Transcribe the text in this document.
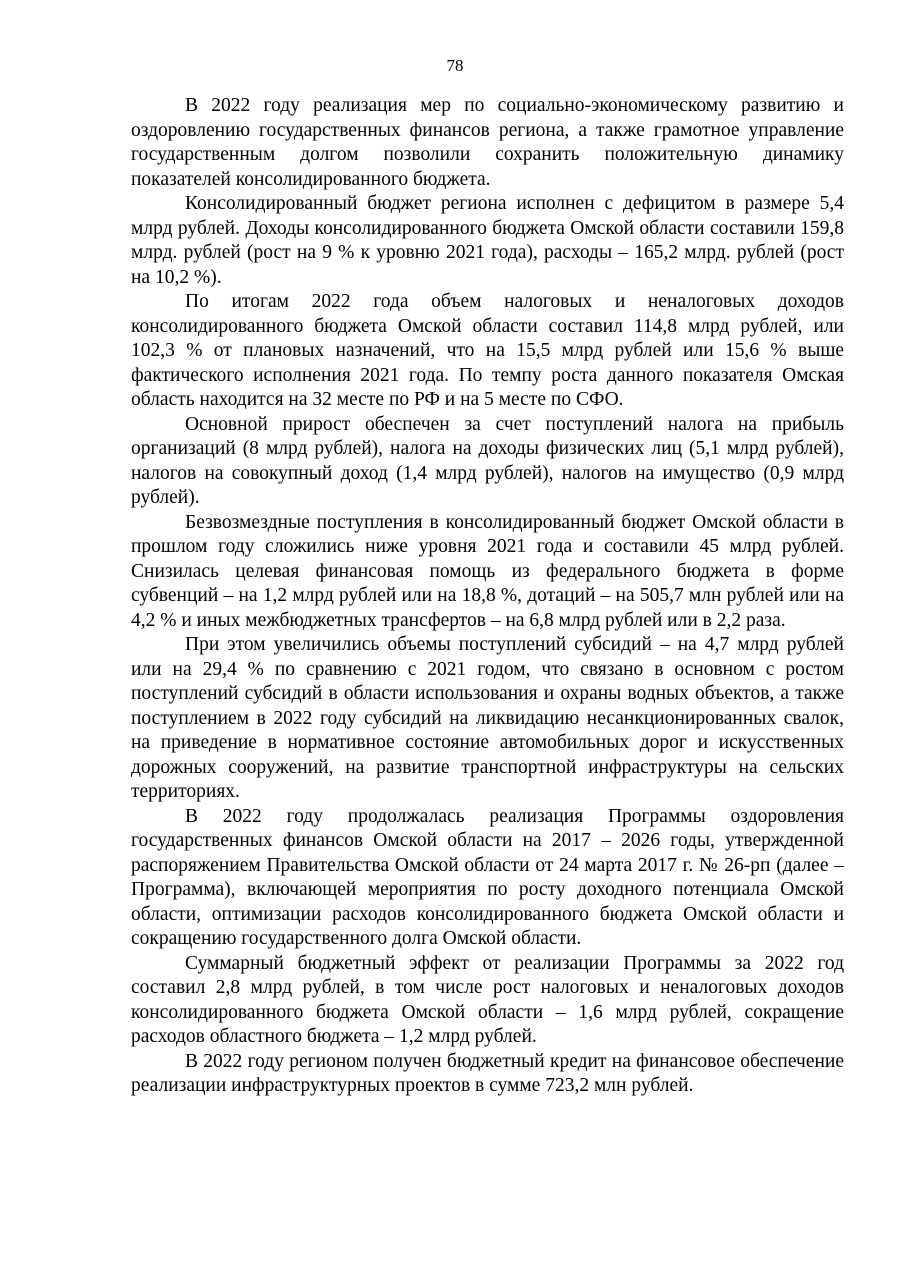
78

В 2022 году реализация мер по социально-экономическому развитию и оздоровлению государственных финансов региона, а также грамотное управление государственным долгом позволили сохранить положительную динамику показателей консолидированного бюджета.

Консолидированный бюджет региона исполнен с дефицитом в размере 5,4 млрд рублей. Доходы консолидированного бюджета Омской области составили 159,8 млрд. рублей (рост на 9 % к уровню 2021 года), расходы – 165,2 млрд. рублей (рост на 10,2 %).

По итогам 2022 года объем налоговых и неналоговых доходов консолидированного бюджета Омской области составил 114,8 млрд рублей, или 102,3 % от плановых назначений, что на 15,5 млрд рублей или 15,6 % выше фактического исполнения 2021 года. По темпу роста данного показателя Омская область находится на 32 месте по РФ и на 5 месте по СФО.

Основной прирост обеспечен за счет поступлений налога на прибыль организаций (8 млрд рублей), налога на доходы физических лиц (5,1 млрд рублей), налогов на совокупный доход (1,4 млрд рублей), налогов на имущество (0,9 млрд рублей).

Безвозмездные поступления в консолидированный бюджет Омской области в прошлом году сложились ниже уровня 2021 года и составили 45 млрд рублей. Снизилась целевая финансовая помощь из федерального бюджета в форме субвенций – на 1,2 млрд рублей или на 18,8 %, дотаций – на 505,7 млн рублей или на 4,2 % и иных межбюджетных трансфертов – на 6,8 млрд рублей или в 2,2 раза.

При этом увеличились объемы поступлений субсидий – на 4,7 млрд рублей или на 29,4 % по сравнению с 2021 годом, что связано в основном с ростом поступлений субсидий в области использования и охраны водных объектов, а также поступлением в 2022 году субсидий на ликвидацию несанкционированных свалок, на приведение в нормативное состояние автомобильных дорог и искусственных дорожных сооружений, на развитие транспортной инфраструктуры на сельских территориях.

В 2022 году продолжалась реализация Программы оздоровления государственных финансов Омской области на 2017 – 2026 годы, утвержденной распоряжением Правительства Омской области от 24 марта 2017 г. № 26-рп (далее – Программа), включающей мероприятия по росту доходного потенциала Омской области, оптимизации расходов консолидированного бюджета Омской области и сокращению государственного долга Омской области.

Суммарный бюджетный эффект от реализации Программы за 2022 год составил 2,8 млрд рублей, в том числе рост налоговых и неналоговых доходов консолидированного бюджета Омской области – 1,6 млрд рублей, сокращение расходов областного бюджета – 1,2 млрд рублей.

В 2022 году регионом получен бюджетный кредит на финансовое обеспечение реализации инфраструктурных проектов в сумме 723,2 млн рублей.
